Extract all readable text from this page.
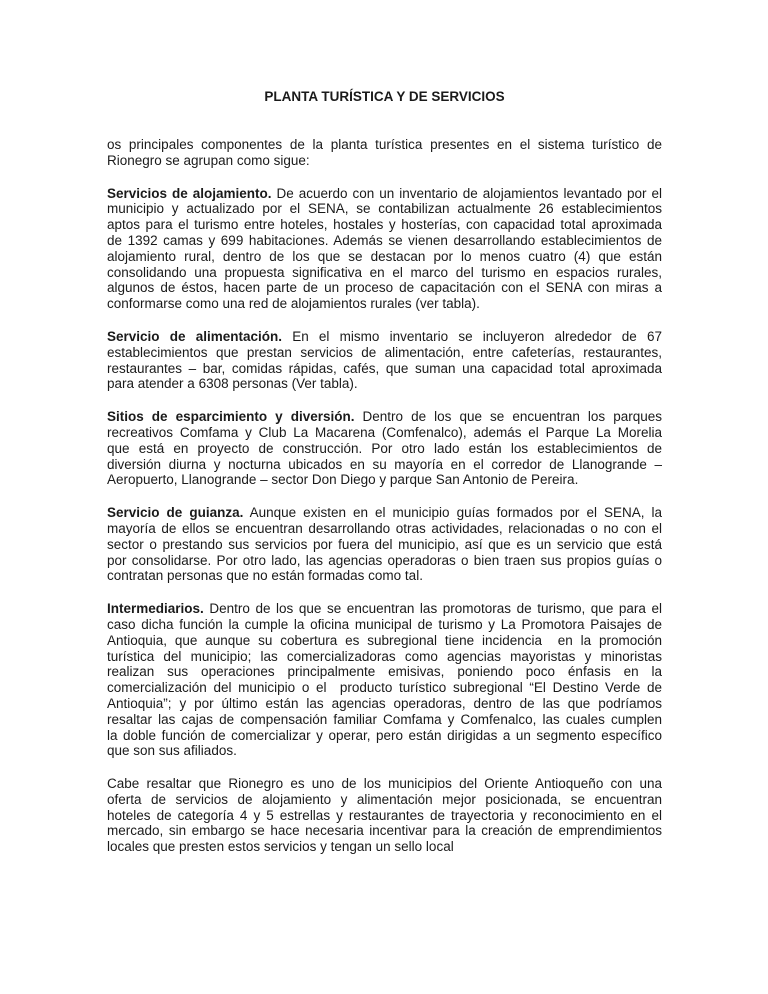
PLANTA TURÍSTICA Y DE SERVICIOS
os principales componentes de la planta turística presentes en el sistema turístico de
Rionegro se agrupan como sigue:
Servicios de alojamiento. De acuerdo con un inventario de alojamientos levantado por el
municipio y actualizado por el SENA, se contabilizan actualmente 26 establecimientos
aptos para el turismo entre hoteles, hostales y hosterías, con capacidad total aproximada
de 1392 camas y 699 habitaciones. Además se vienen desarrollando establecimientos de
alojamiento rural, dentro de los que se destacan por lo menos cuatro (4) que están
consolidando una propuesta significativa en el marco del turismo en espacios rurales,
algunos de éstos, hacen parte de un proceso de capacitación con el SENA con miras a
conformarse como una red de alojamientos rurales (ver tabla).
Servicio de alimentación. En el mismo inventario se incluyeron alrededor de 67
establecimientos que prestan servicios de alimentación, entre cafeterías, restaurantes,
restaurantes – bar, comidas rápidas, cafés, que suman una capacidad total aproximada
para atender a 6308 personas (Ver tabla).
Sitios de esparcimiento y diversión. Dentro de los que se encuentran los parques
recreativos Comfama y Club La Macarena (Comfenalco), además el Parque La Morelia
que está en proyecto de construcción. Por otro lado están los establecimientos de
diversión diurna y nocturna ubicados en su mayoría en el corredor de Llanogrande –
Aeropuerto, Llanogrande – sector Don Diego y parque San Antonio de Pereira.
Servicio de guianza. Aunque existen en el municipio guías formados por el SENA, la
mayoría de ellos se encuentran desarrollando otras actividades, relacionadas o no con el
sector o prestando sus servicios por fuera del municipio, así que es un servicio que está
por consolidarse. Por otro lado, las agencias operadoras o bien traen sus propios guías o
contratan personas que no están formadas como tal.
Intermediarios. Dentro de los que se encuentran las promotoras de turismo, que para el
caso dicha función la cumple la oficina municipal de turismo y La Promotora Paisajes de
Antioquia, que aunque su cobertura es subregional tiene incidencia  en la promoción
turística del municipio; las comercializadoras como agencias mayoristas y minoristas
realizan sus operaciones principalmente emisivas, poniendo poco énfasis en la
comercialización del municipio o el  producto turístico subregional “El Destino Verde de
Antioquia”; y por último están las agencias operadoras, dentro de las que podríamos
resaltar las cajas de compensación familiar Comfama y Comfenalco, las cuales cumplen
la doble función de comercializar y operar, pero están dirigidas a un segmento específico
que son sus afiliados.
Cabe resaltar que Rionegro es uno de los municipios del Oriente Antioqueño con una
oferta de servicios de alojamiento y alimentación mejor posicionada, se encuentran
hoteles de categoría 4 y 5 estrellas y restaurantes de trayectoria y reconocimiento en el
mercado, sin embargo se hace necesaria incentivar para la creación de emprendimientos
locales que presten estos servicios y tengan un sello local
